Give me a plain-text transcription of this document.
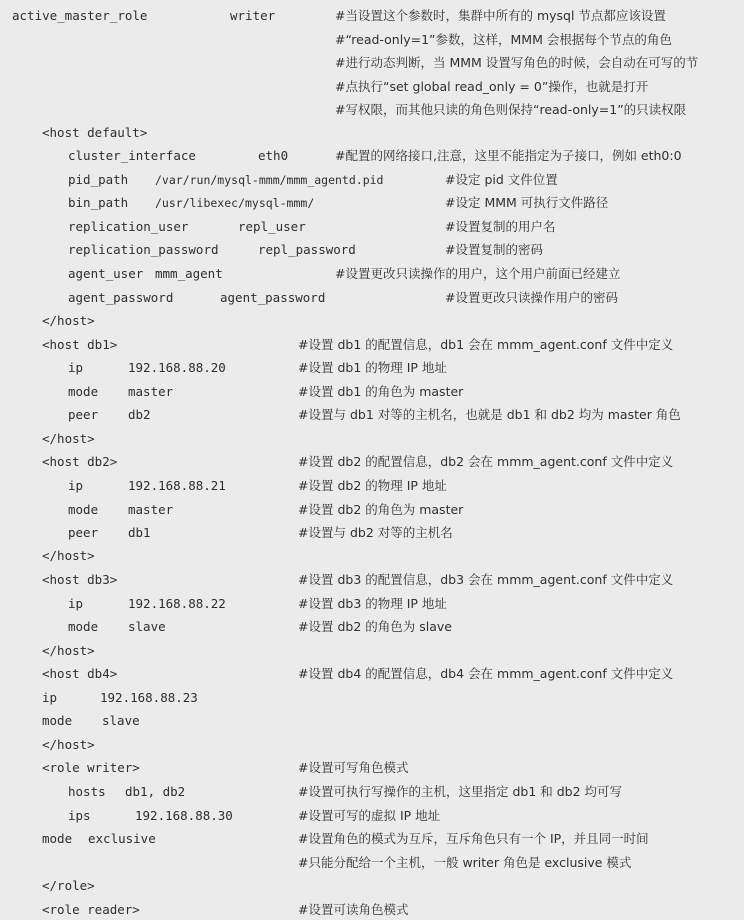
active_master_role	writer	#当设置这个参数时，集群中所有的 mysql 节点都应该设置
#“read-only=1”参数，这样，MMM 会根据每个节点的角色
#进行动态判断，当 MMM 设置写角色的时候，会自动在可写的节
#点执行“set global read_only = 0”操作，也就是打开
#写权限，而其他只读的角色则保持“read-only=1”的只读权限
<host default>
cluster_interface	eth0	#配置的网络接口,注意，这里不能指定为子接口，例如 eth0:0
pid_path /var/run/mysql-mmm/mmm_agentd.pid	#设定 pid 文件位置
bin_path /usr/libexec/mysql-mmm/	#设定 MMM 可执行文件路径
replication_user	repl_user	#设置复制的用户名
replication_password	repl_password	#设置复制的密码
agent_user mmm_agent	#设置更改只读操作的用户，这个用户前面已经建立
agent_password	agent_password	#设置更改只读操作用户的密码
</host>
<host db1>	#设置 db1 的配置信息，db1 会在 mmm_agent.conf 文件中定义
ip	192.168.88.20	#设置 db1 的物理 IP 地址
mode master	#设置 db1 的角色为 master
peer db2	#设置与 db1 对等的主机名，也就是 db1 和 db2 均为 master 角色
</host>
<host db2>	#设置 db2 的配置信息，db2 会在 mmm_agent.conf 文件中定义
ip	192.168.88.21	#设置 db2 的物理 IP 地址
mode master	#设置 db2 的角色为 master
peer db1	#设置与 db2 对等的主机名
</host>
<host db3>	#设置 db3 的配置信息，db3 会在 mmm_agent.conf 文件中定义
ip	192.168.88.22	#设置 db3 的物理 IP 地址
mode slave	#设置 db2 的角色为 slave
</host>
<host db4>	#设置 db4 的配置信息，db4 会在 mmm_agent.conf 文件中定义
ip	192.168.88.23
mode slave
</host>
<role writer>	#设置可写角色模式
hosts db1, db2	#设置可执行写操作的主机，这里指定 db1 和 db2 均可写
ips	192.168.88.30	#设置可写的虚拟 IP 地址
mode exclusive	#设置角色的模式为互斥，互斥角色只有一个 IP，并且同一时间
#只能分配给一个主机，一般 writer 角色是 exclusive 模式
</role>
<role reader>	#设置可读角色模式
